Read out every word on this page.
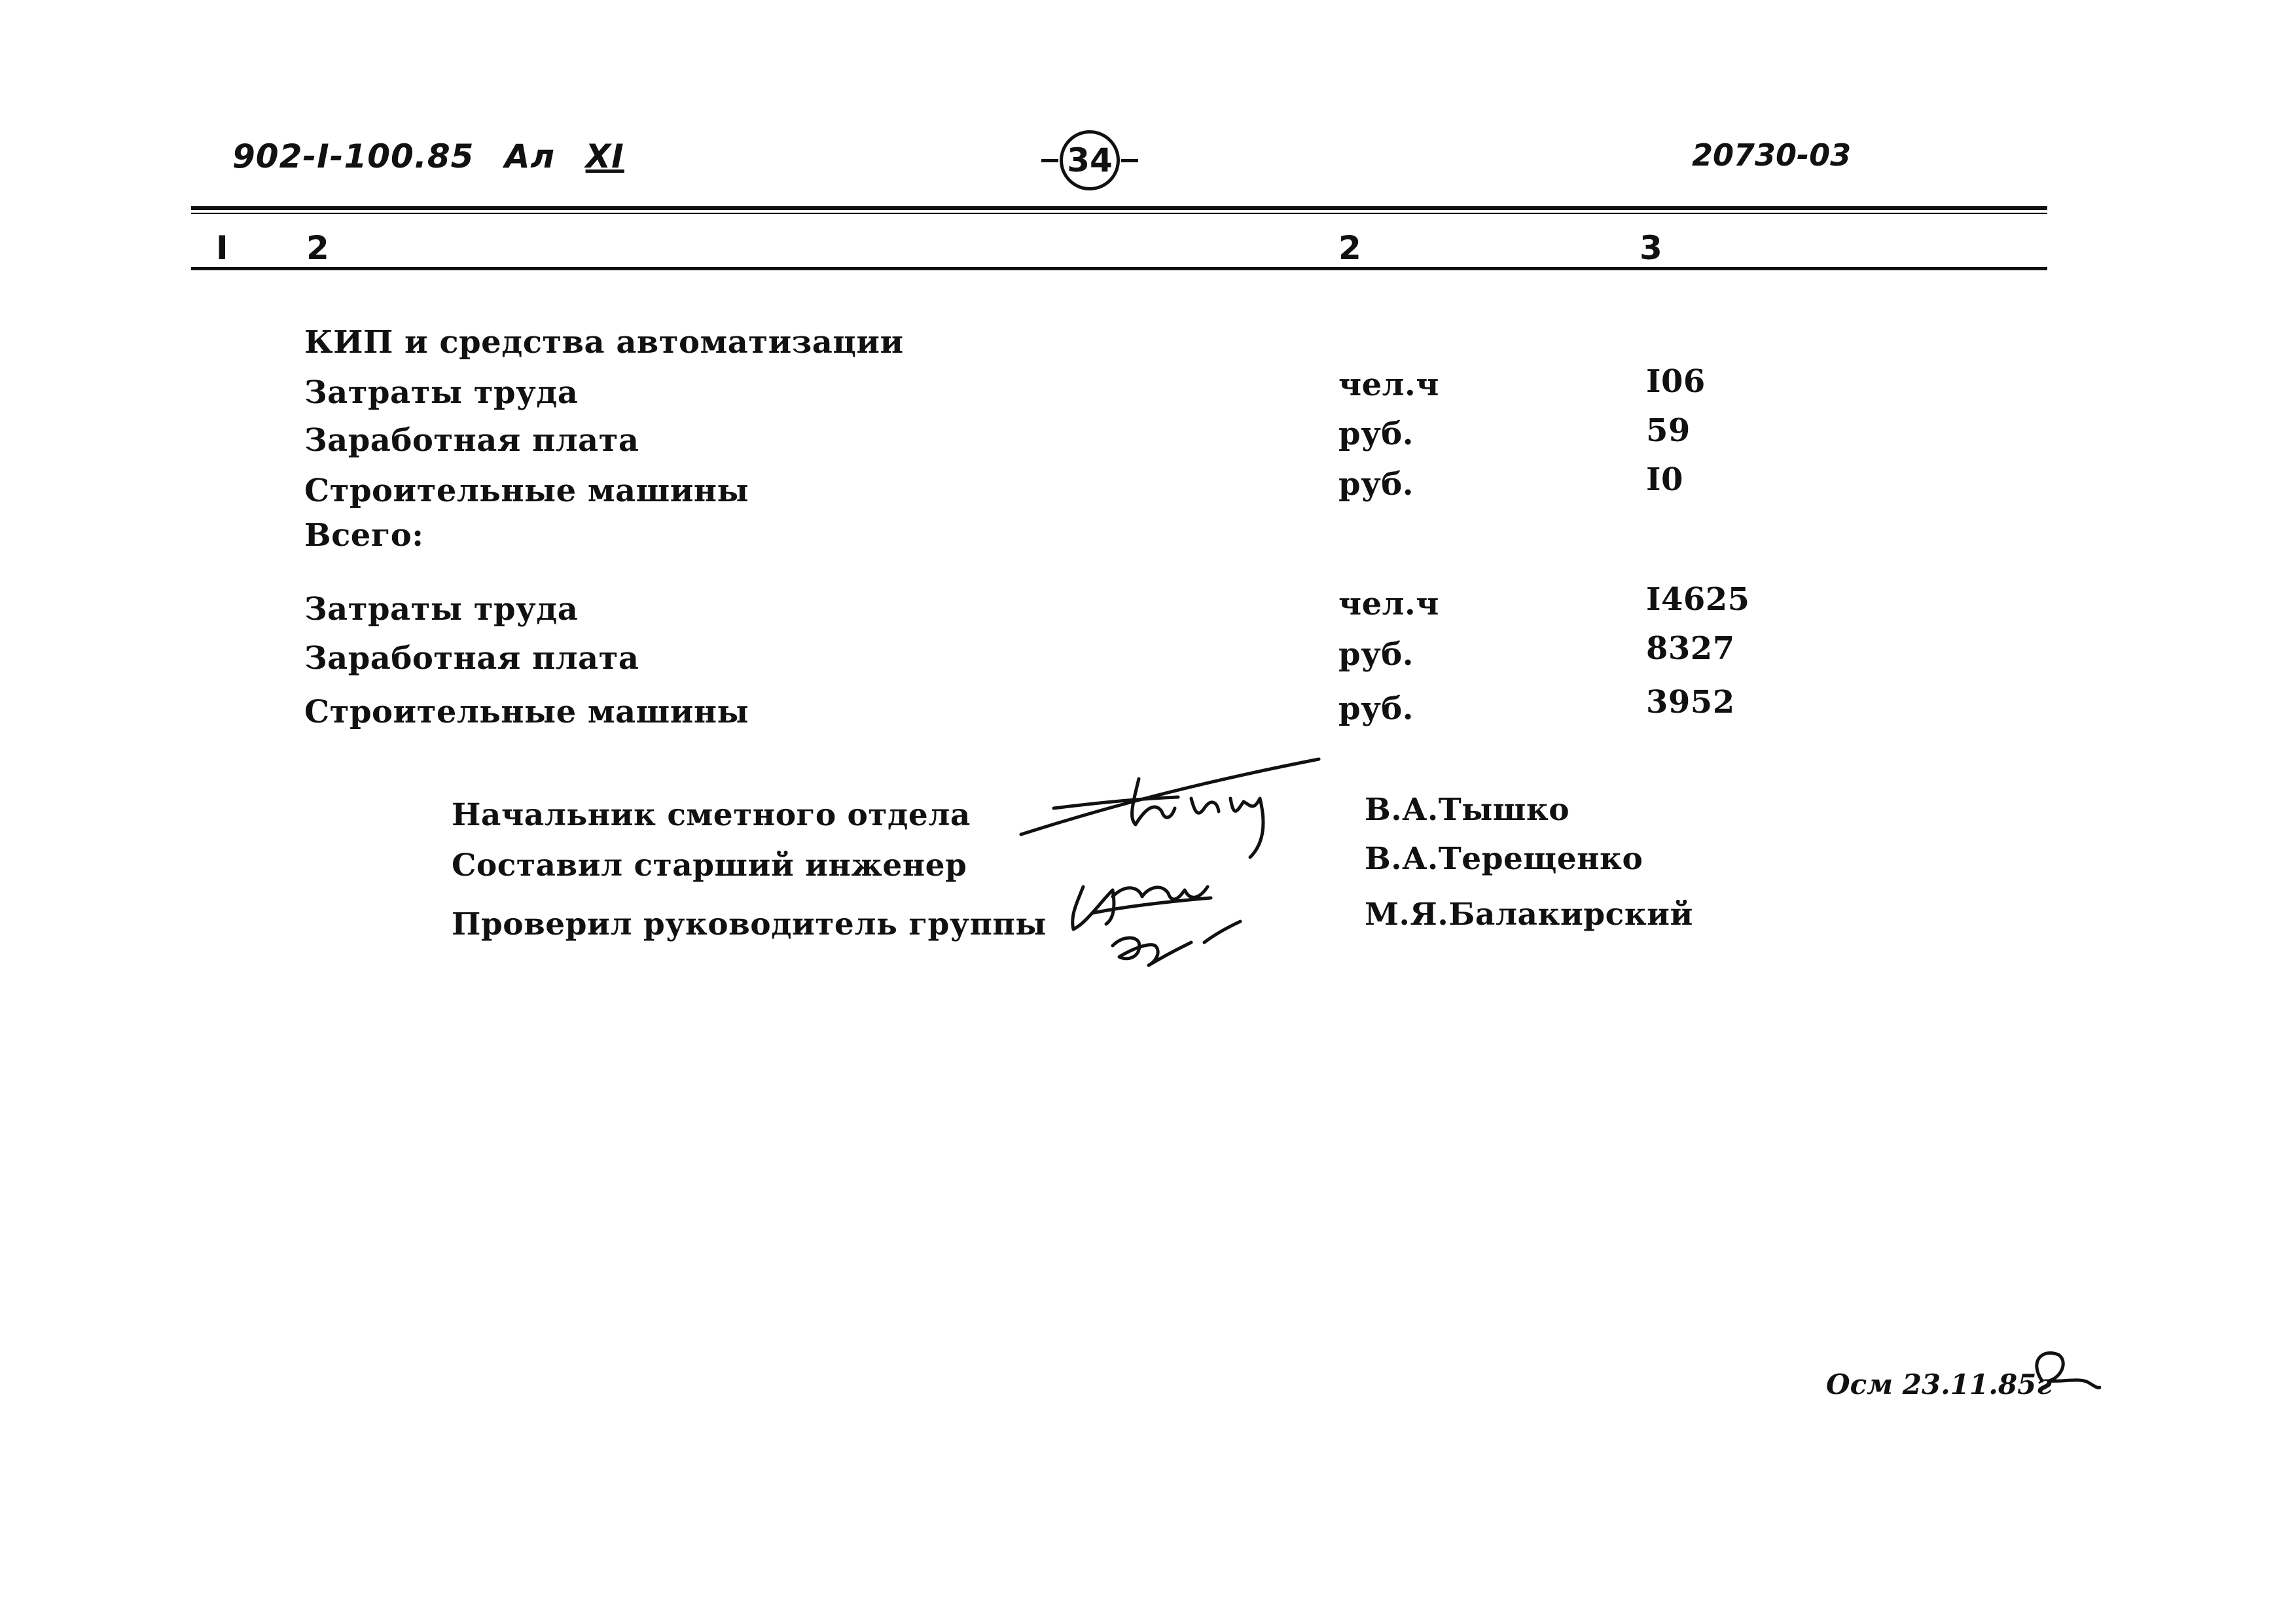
902-I-100.85 Ал XI	34	20730-03
I 2	2	3
КИП и средства автоматизации
Затраты труда	чел.ч	I06
Заработная плата	руб.	59
Строительные машины	руб.	I0
Всего:
Затраты труда	чел.ч	I4625
Заработная плата	руб.	8327
Строительные машины	руб.	3952
Начальник сметного отдела	В.А.Тышко
Составил старший инженер	В.А.Терещенко
Проверил руководитель группы	М.Я.Балакирский
Осм 23.11.85г
